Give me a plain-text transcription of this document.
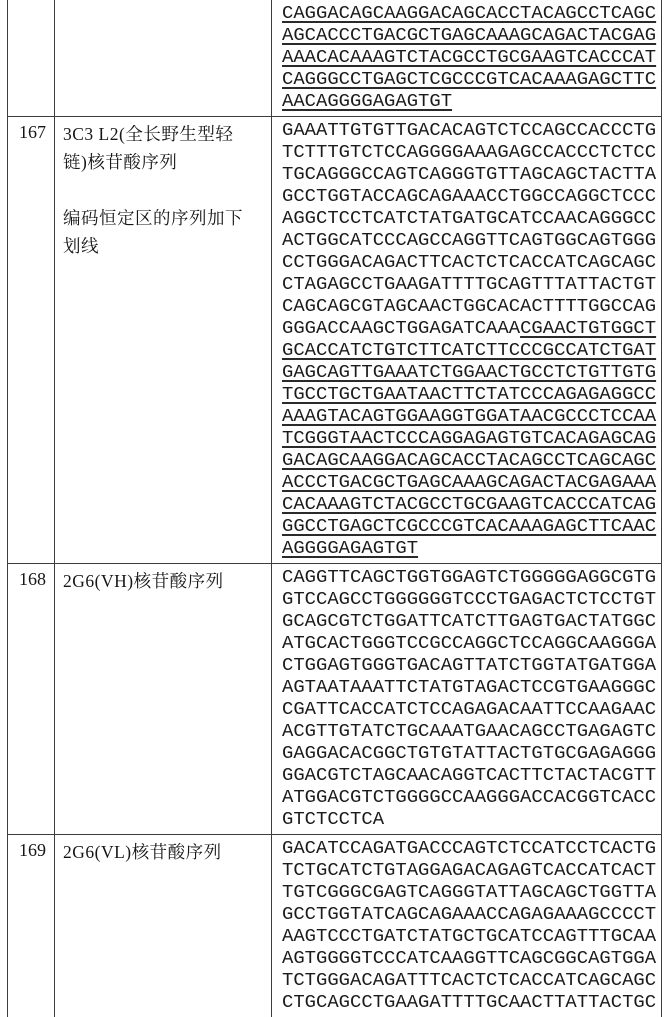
CAGGACAGCAAGGACAGCACCTACAGCCTCAGC
AGCACCCTGACGCTGAGCAAAGCAGACTACGAG
AAACACAAAGTCTACGCCTGCGAAGTCACCCAT
CAGGGCCTGAGCTCGCCCGTCACAAAGAGCTTC
AACAGGGGAGAGTGT
167 3C3 L2(全长野生型轻
链)核苷酸序列

编码恒定区的序列加下
划线
GAAATTGTGTTGACACAGTCTCCAGCCACCCTG
TCTTTGTCTCCAGGGGAAAGAGCCACCCTCTCC
TGCAGGGCCAGTCAGGGTGTTAGCAGCTACTTA
GCCTGGTACCAGCAGAAACCTGGCCAGGCTCCC
AGGCTCCTCATCTATGATGCATCCAACAGGGCC
ACTGGCATCCCAGCCAGGTTCAGTGGCAGTGGG
CCTGGGACAGACTTCACTCTCACCATCAGCAGC
CTAGAGCCTGAAGATTTTGCAGTTTATTACTGT
CAGCAGCGTAGCAACTGGCACACTTTTGGCCAG
GGGACCAAGCTGGAGATCAAACGAACTGTGGCT
GCACCATCTGTCTTCATCTTCCCGCCATCTGAT
GAGCAGTTGAAATCTGGAACTGCCTCTGTTGTG
TGCCTGCTGAATAACTTCTATCCCAGAGAGGCC
AAAGTACAGTGGAAGGTGGATAACGCCCTCCAA
TCGGGTAACTCCCAGGAGAGTGTCACAGAGCAG
GACAGCAAGGACAGCACCTACAGCCTCAGCAGC
ACCCTGACGCTGAGCAAAGCAGACTACGAGAAA
CACAAAGTCTACGCCTGCGAAGTCACCCATCAG
GGCCTGAGCTCGCCCGTCACAAAGAGCTTCAAC
AGGGGAGAGTGT
168 2G6(VH)核苷酸序列	CAGGTTCAGCTGGTGGAGTCTGGGGGAGGCGTG
GTCCAGCCTGGGGGGTCCCTGAGACTCTCCTGT
GCAGCGTCTGGATTCATCTTGAGTGACTATGGC
ATGCACTGGGTCCGCCAGGCTCCAGGCAAGGGA
CTGGAGTGGGTGACAGTTATCTGGTATGATGGA
AGTAATAAATTCTATGTAGACTCCGTGAAGGGC
CGATTCACCATCTCCAGAGACAATTCCAAGAAC
ACGTTGTATCTGCAAATGAACAGCCTGAGAGTC
GAGGACACGGCTGTGTATTACTGTGCGAGAGGG
GGACGTCTAGCAACAGGTCACTTCTACTACGTT
ATGGACGTCTGGGGCCAAGGGACCACGGTCACC
GTCTCCTCA
169 2G6(VL)核苷酸序列	GACATCCAGATGACCCAGTCTCCATCCTCACTG
TCTGCATCTGTAGGAGACAGAGTCACCATCACT
TGTCGGGCGAGTCAGGGTATTAGCAGCTGGTTA
GCCTGGTATCAGCAGAAACCAGAGAAAGCCCCT
AAGTCCCTGATCTATGCTGCATCCAGTTTGCAA
AGTGGGGTCCCATCAAGGTTCAGCGGCAGTGGA
TCTGGGACAGATTTCACTCTCACCATCAGCAGC
CTGCAGCCTGAAGATTTTGCAACTTATTACTGC
